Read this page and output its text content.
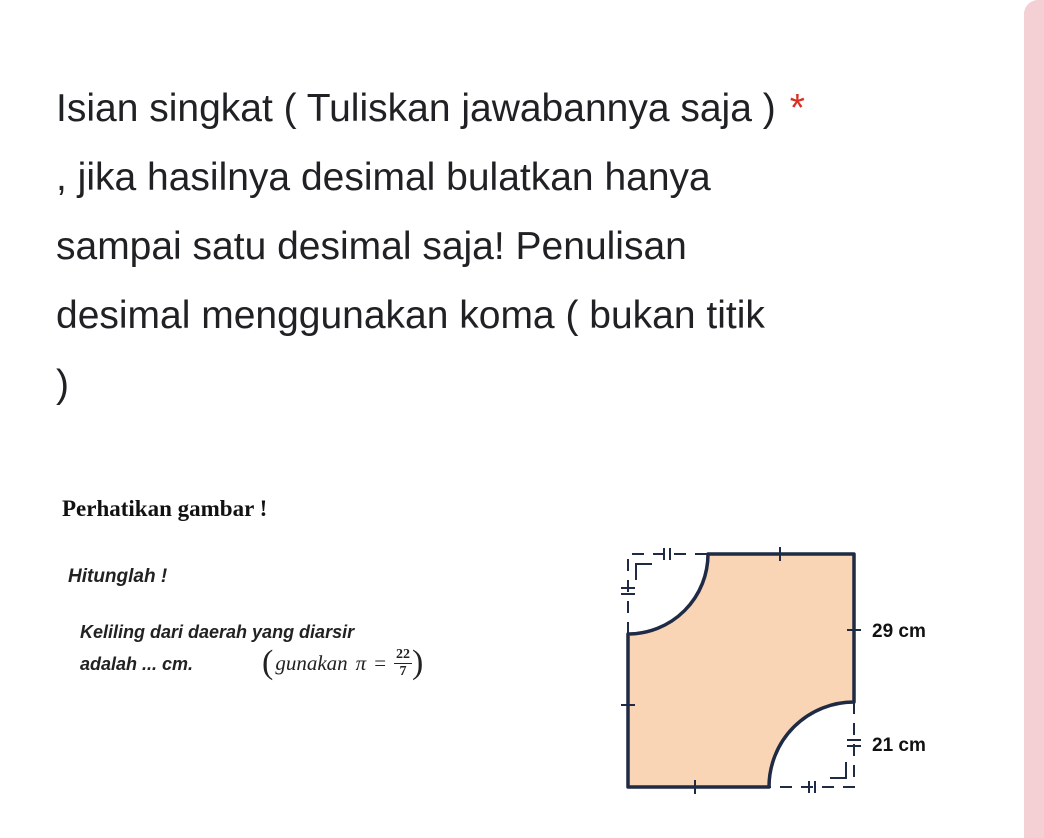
Isian singkat ( Tuliskan jawabannya saja ) *
, jika hasilnya desimal bulatkan hanya
sampai satu desimal saja! Penulisan
desimal menggunakan koma ( bukan titik
)
Perhatikan gambar !
Hitunglah !
Keliling dari daerah yang diarsir
adalah ... cm. ( gunakan $\pi = \frac{22}{7}$ )
29 cm
21 cm
